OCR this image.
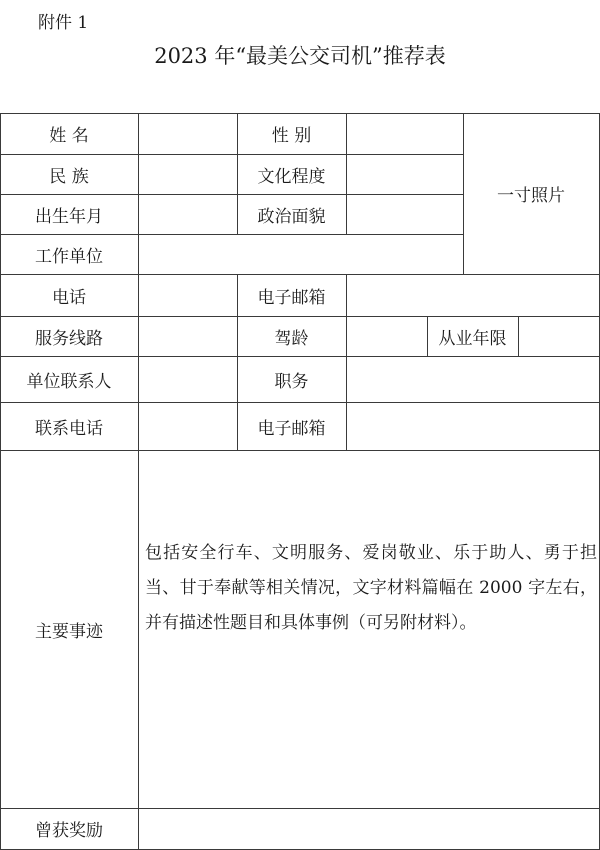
附件 1
2023 年“最美公交司机”推荐表
姓 名	性 别
民 族	文化程度
出生年月	政治面貌
一寸照片
工作单位
电话	电子邮箱
服务线路	驾龄	从业年限
单位联系人	职务
联系电话	电子邮箱
主要事迹
包括安全行车、文明服务、爱岗敬业、乐于助人、勇于担当、甘于奉献等相关情况，文字材料篇幅在 2000 字左右，并有描述性题目和具体事例（可另附材料）。
曾获奖励
